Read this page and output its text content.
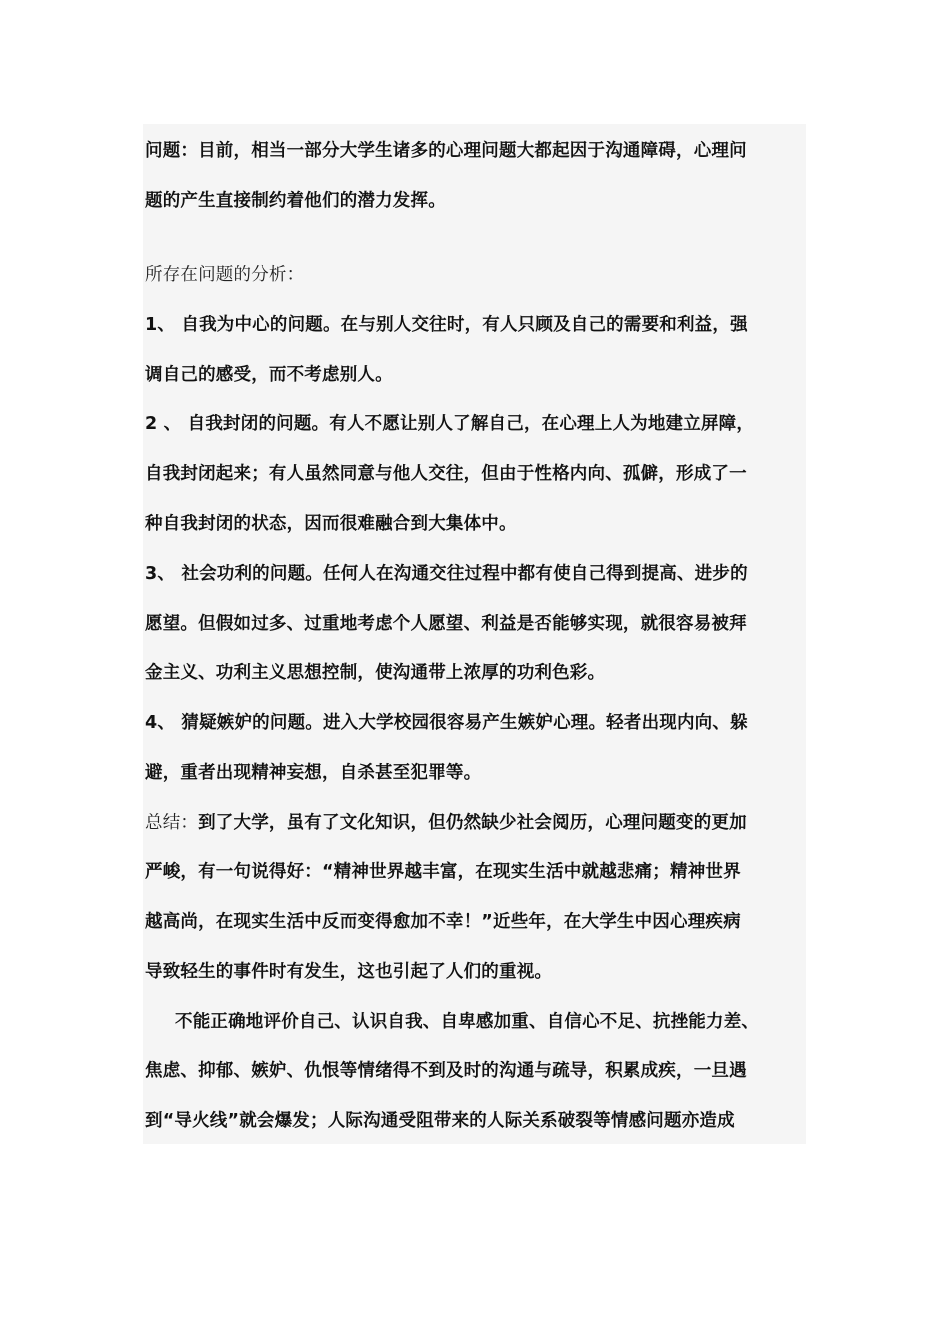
问题：目前，相当一部分大学生诸多的心理问题大都起因于沟通障碍，心理问
题的产生直接制约着他们的潜力发挥。
所存在问题的分析：
1、 自我为中心的问题。在与别人交往时，有人只顾及自己的需要和利益，强
调自己的感受，而不考虑别人。
2 、 自我封闭的问题。有人不愿让别人了解自己，在心理上人为地建立屏障，
自我封闭起来；有人虽然同意与他人交往，但由于性格内向、孤僻，形成了一
种自我封闭的状态，因而很难融合到大集体中。
3、 社会功利的问题。任何人在沟通交往过程中都有使自己得到提高、进步的
愿望。但假如过多、过重地考虑个人愿望、利益是否能够实现，就很容易被拜
金主义、功利主义思想控制，使沟通带上浓厚的功利色彩。
4、 猜疑嫉妒的问题。进入大学校园很容易产生嫉妒心理。轻者出现内向、躲
避，重者出现精神妄想，自杀甚至犯罪等。
总结：到了大学，虽有了文化知识，但仍然缺少社会阅历，心理问题变的更加
严峻，有一句说得好：“精神世界越丰富，在现实生活中就越悲痛；精神世界
越高尚，在现实生活中反而变得愈加不幸！”近些年，在大学生中因心理疾病
导致轻生的事件时有发生，这也引起了人们的重视。
不能正确地评价自己、认识自我、自卑感加重、自信心不足、抗挫能力差、
焦虑、抑郁、嫉妒、仇恨等情绪得不到及时的沟通与疏导，积累成疾，一旦遇
到“导火线”就会爆发；人际沟通受阻带来的人际关系破裂等情感问题亦造成
